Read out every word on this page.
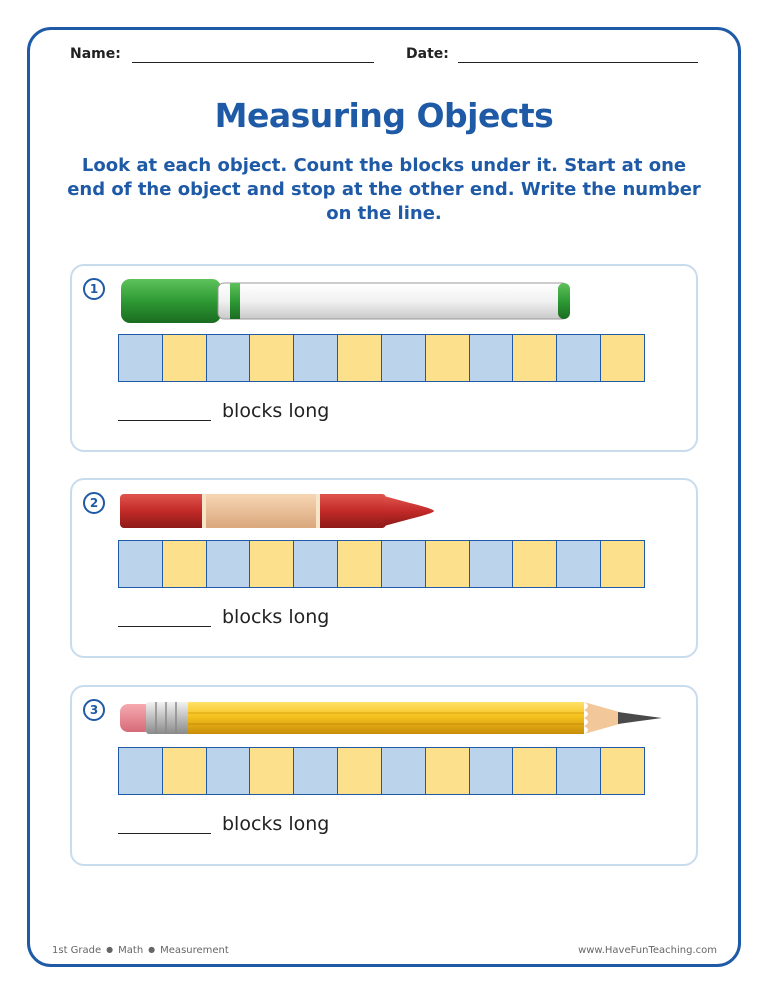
Name:	Date:
Measuring Objects
Look at each object. Count the blocks under it. Start at one end of the object and stop at the other end. Write the number on the line.
1
blocks long
2
blocks long
3
blocks long
1st Grade ● Math ● Measurement	www.HaveFunTeaching.com
